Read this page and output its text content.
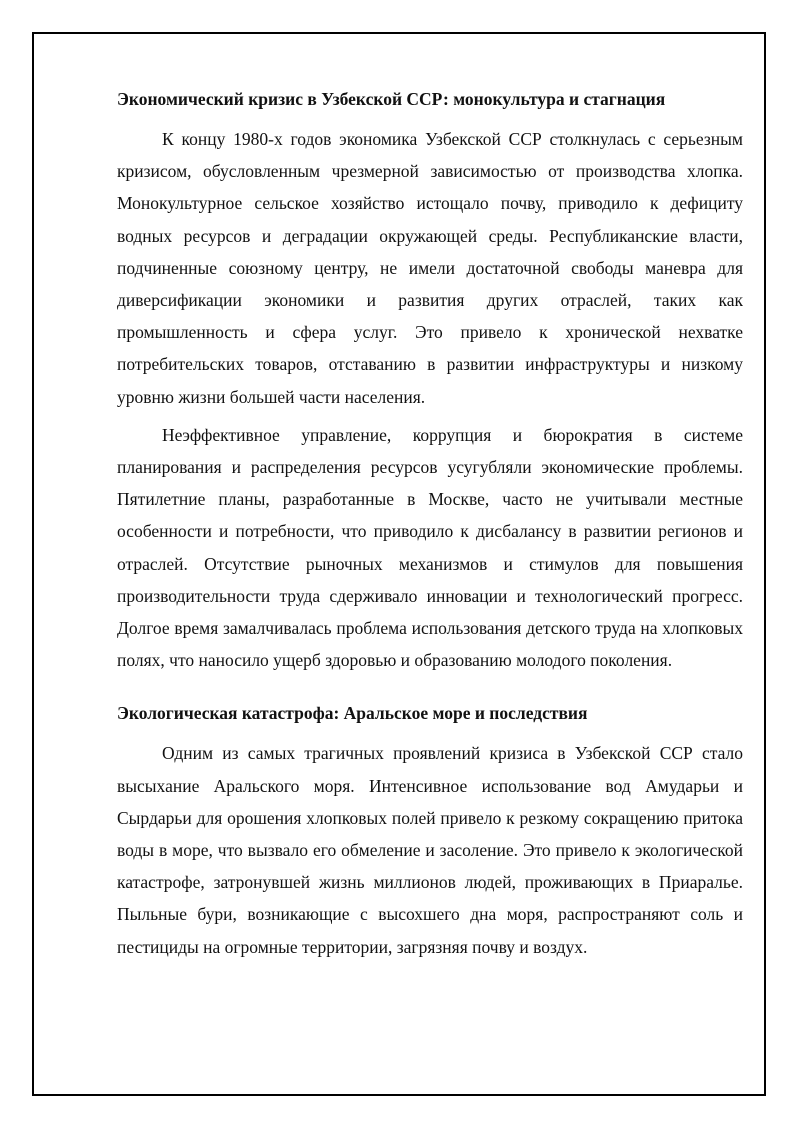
Экономический кризис в Узбекской ССР: монокультура и стагнация

К концу 1980-х годов экономика Узбекской ССР столкнулась с серьезным кризисом, обусловленным чрезмерной зависимостью от производства хлопка. Монокультурное сельское хозяйство истощало почву, приводило к дефициту водных ресурсов и деградации окружающей среды. Республиканские власти, подчиненные союзному центру, не имели достаточной свободы маневра для диверсификации экономики и развития других отраслей, таких как промышленность и сфера услуг. Это привело к хронической нехватке потребительских товаров, отставанию в развитии инфраструктуры и низкому уровню жизни большей части населения.

Неэффективное управление, коррупция и бюрократия в системе планирования и распределения ресурсов усугубляли экономические проблемы. Пятилетние планы, разработанные в Москве, часто не учитывали местные особенности и потребности, что приводило к дисбалансу в развитии регионов и отраслей. Отсутствие рыночных механизмов и стимулов для повышения производительности труда сдерживало инновации и технологический прогресс. Долгое время замалчивалась проблема использования детского труда на хлопковых полях, что наносило ущерб здоровью и образованию молодого поколения.

Экологическая катастрофа: Аральское море и последствия

Одним из самых трагичных проявлений кризиса в Узбекской ССР стало высыхание Аральского моря. Интенсивное использование вод Амударьи и Сырдарьи для орошения хлопковых полей привело к резкому сокращению притока воды в море, что вызвало его обмеление и засоление. Это привело к экологической катастрофе, затронувшей жизнь миллионов людей, проживающих в Приаралье. Пыльные бури, возникающие с высохшего дна моря, распространяют соль и пестициды на огромные территории, загрязняя почву и воздух.
